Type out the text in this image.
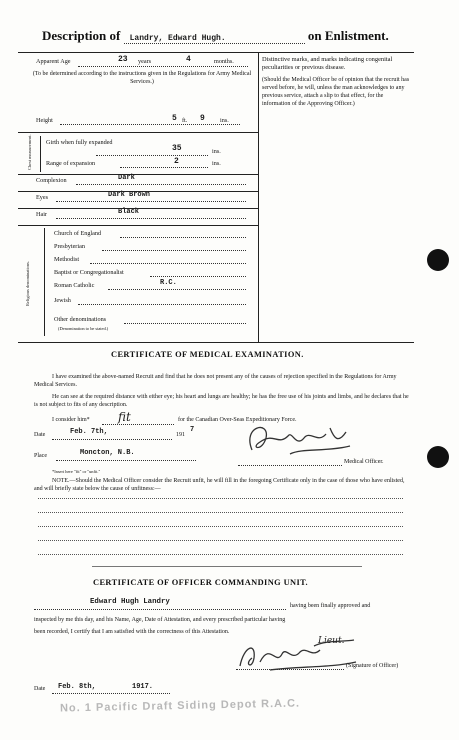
Description of Landry, Edward Hugh.	on Enlistment.
Apparent Age	23 years	4	months.
(To be determined according to the instructions given in the Regulations for Army Medical Services.)
Distinctive marks, and marks indicating congenital peculiarities or previous disease.
(Should the Medical Officer be of opinion that the recruit has served before, he will, unless the man acknowledges to any previous service, attach a slip to that effect, for the information of the Approving Officer.)
Height	5 ft. 9 ins.
Chest measurement. Girth when fully expanded
35	ins.
Range of expansion	2	ins.
Complexion	Dark
Eyes	Dark Brown
Hair	Black
Religious denominations.
Church of England
Presbyterian
Methodist
Baptist or Congregationalist
Roman Catholic	R.C.
Jewish
Other denominations
(Denomination to be stated.)
CERTIFICATE OF MEDICAL EXAMINATION.
I have examined the above-named Recruit and find that he does not present any of the causes of rejection specified in the Regulations for Army Medical Services.
He can see at the required distance with either eye; his heart and lungs are healthy; he has the free use of his joints and limbs, and he declares that he is not subject to fits of any description.
I consider him* fit	for the Canadian Over-Seas Expeditionary Force.
Date	Feb. 7th,	191
7
Place	Moncton, N.B.
Medical Officer.
*Insert here "fit" or "unfit."
NOTE.—Should the Medical Officer consider the Recruit unfit, he will fill in the foregoing Certificate only in the case of those who have enlisted, and will briefly state below the cause of unfitness:—
CERTIFICATE OF OFFICER COMMANDING UNIT.
Edward Hugh Landry	having been finally approved and
inspected by me this day, and his Name, Age, Date of Attestation, and every prescribed particular having
been recorded, I certify that I am satisfied with the correctness of this Attestation.
Lieut.
(Signature of Officer)
Date Feb. 8th,	1917.
No. 1 Pacific Draft Siding Depot R.A.C.
